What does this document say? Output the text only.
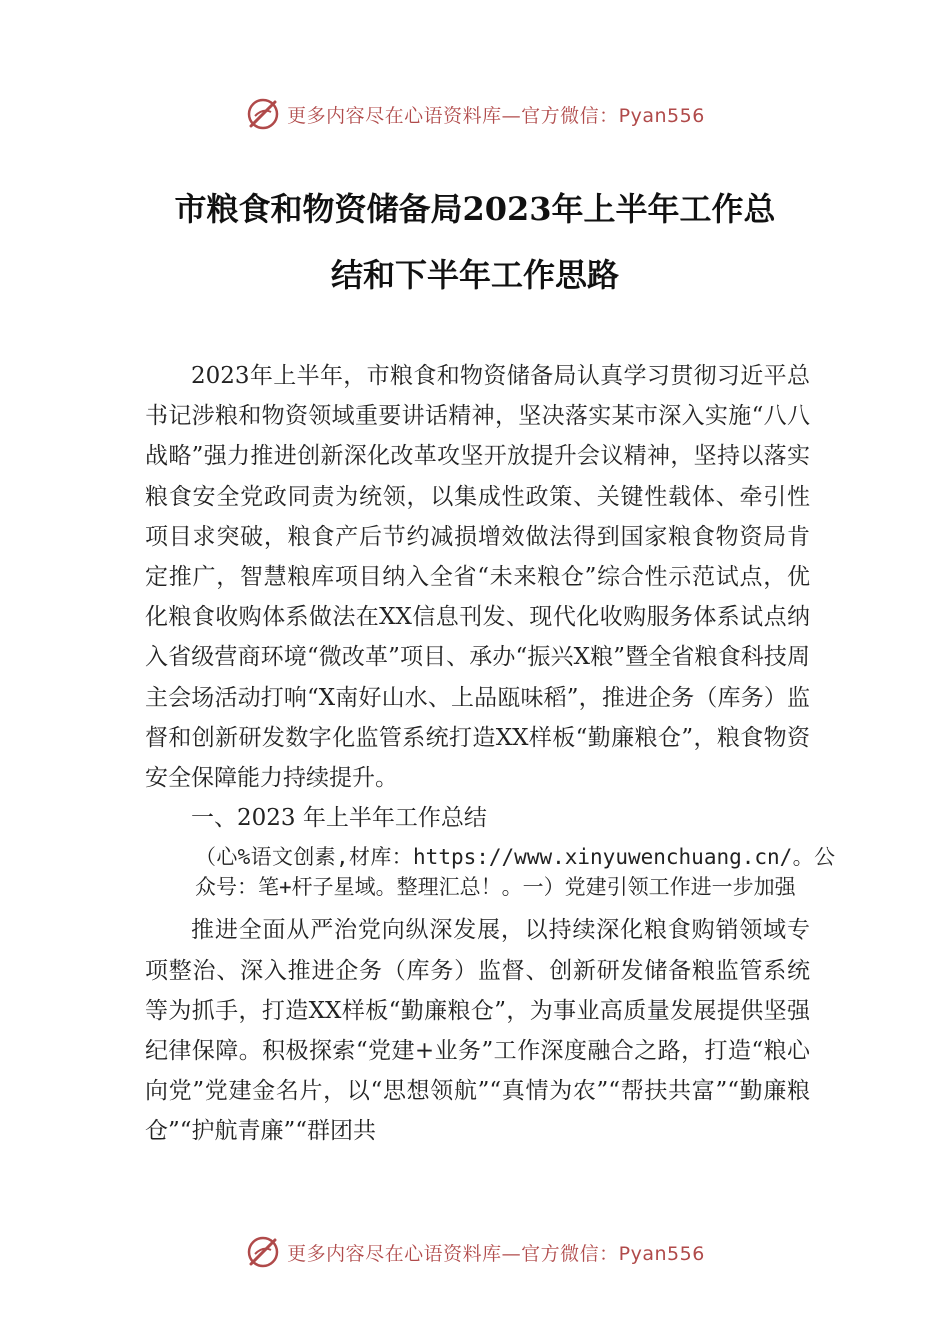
更多内容尽在心语资料库—官方微信：Pyan556
市粮食和物资储备局2023年上半年工作总
结和下半年工作思路

2023年上半年，市粮食和物资储备局认真学习贯彻习近平总书记涉粮和物资领域重要讲话精神，坚决落实某市深入实施“八八战略”强力推进创新深化改革攻坚开放提升会议精神，坚持以落实粮食安全党政同责为统领，以集成性政策、关键性载体、牵引性项目求突破，粮食产后节约减损增效做法得到国家粮食物资局肯定推广，智慧粮库项目纳入全省“未来粮仓”综合性示范试点，优化粮食收购体系做法在XX信息刊发、现代化收购服务体系试点纳入省级营商环境“微改革”项目、承办“振兴X粮”暨全省粮食科技周主会场活动打响“X南好山水、上品瓯味稻”，推进企务（库务）监督和创新研发数字化监管系统打造XX样板“勤廉粮仓”，粮食物资安全保障能力持续提升。

一、2023 年上半年工作总结

（心%语文创素,材库：https://www.xinyuwenchuang.cn/。公众号：笔+杆子星域。整理汇总！。一）党建引领工作进一步加强

推进全面从严治党向纵深发展，以持续深化粮食购销领域专项整治、深入推进企务（库务）监督、创新研发储备粮监管系统等为抓手，打造XX样板“勤廉粮仓”，为事业高质量发展提供坚强纪律保障。积极探索“党建+业务”工作深度融合之路，打造“粮心向党”党建金名片，以“思想领航”“真情为农”“帮扶共富”“勤廉粮仓”“护航青廉”“群团共

更多内容尽在心语资料库—官方微信：Pyan556
